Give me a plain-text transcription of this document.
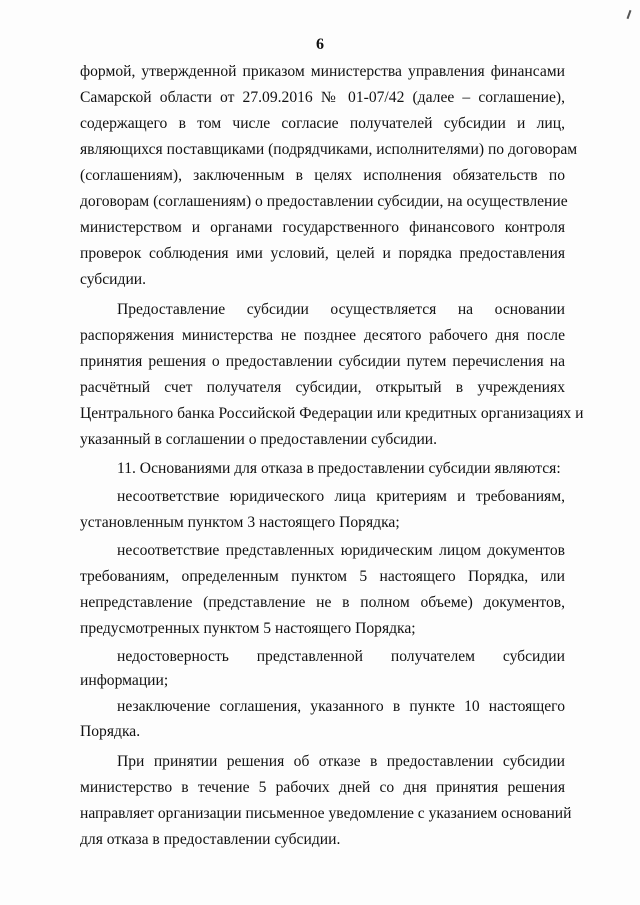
6
формой, утвержденной приказом министерства управления финансами
Самарской области от 27.09.2016 № 01-07/42 (далее – соглашение),
содержащего в том числе согласие получателей субсидии и лиц,
являющихся поставщиками (подрядчиками, исполнителями) по договорам
(соглашениям), заключенным в целях исполнения обязательств по
договорам (соглашениям) о предоставлении субсидии, на осуществление
министерством и органами государственного финансового контроля
проверок соблюдения ими условий, целей и порядка предоставления
субсидии.
Предоставление субсидии осуществляется на основании
распоряжения министерства не позднее десятого рабочего дня после
принятия решения о предоставлении субсидии путем перечисления на
расчётный счет получателя субсидии, открытый в учреждениях
Центрального банка Российской Федерации или кредитных организациях и
указанный в соглашении о предоставлении субсидии.
11. Основаниями для отказа в предоставлении субсидии являются:
несоответствие юридического лица критериям и требованиям,
установленным пунктом 3 настоящего Порядка;
несоответствие представленных юридическим лицом документов
требованиям, определенным пунктом 5 настоящего Порядка, или
непредставление (представление не в полном объеме) документов,
предусмотренных пунктом 5 настоящего Порядка;
недостоверность представленной получателем субсидии
информации;
незаключение соглашения, указанного в пункте 10 настоящего
Порядка.
При принятии решения об отказе в предоставлении субсидии
министерство в течение 5 рабочих дней со дня принятия решения
направляет организации письменное уведомление с указанием оснований
для отказа в предоставлении субсидии.
